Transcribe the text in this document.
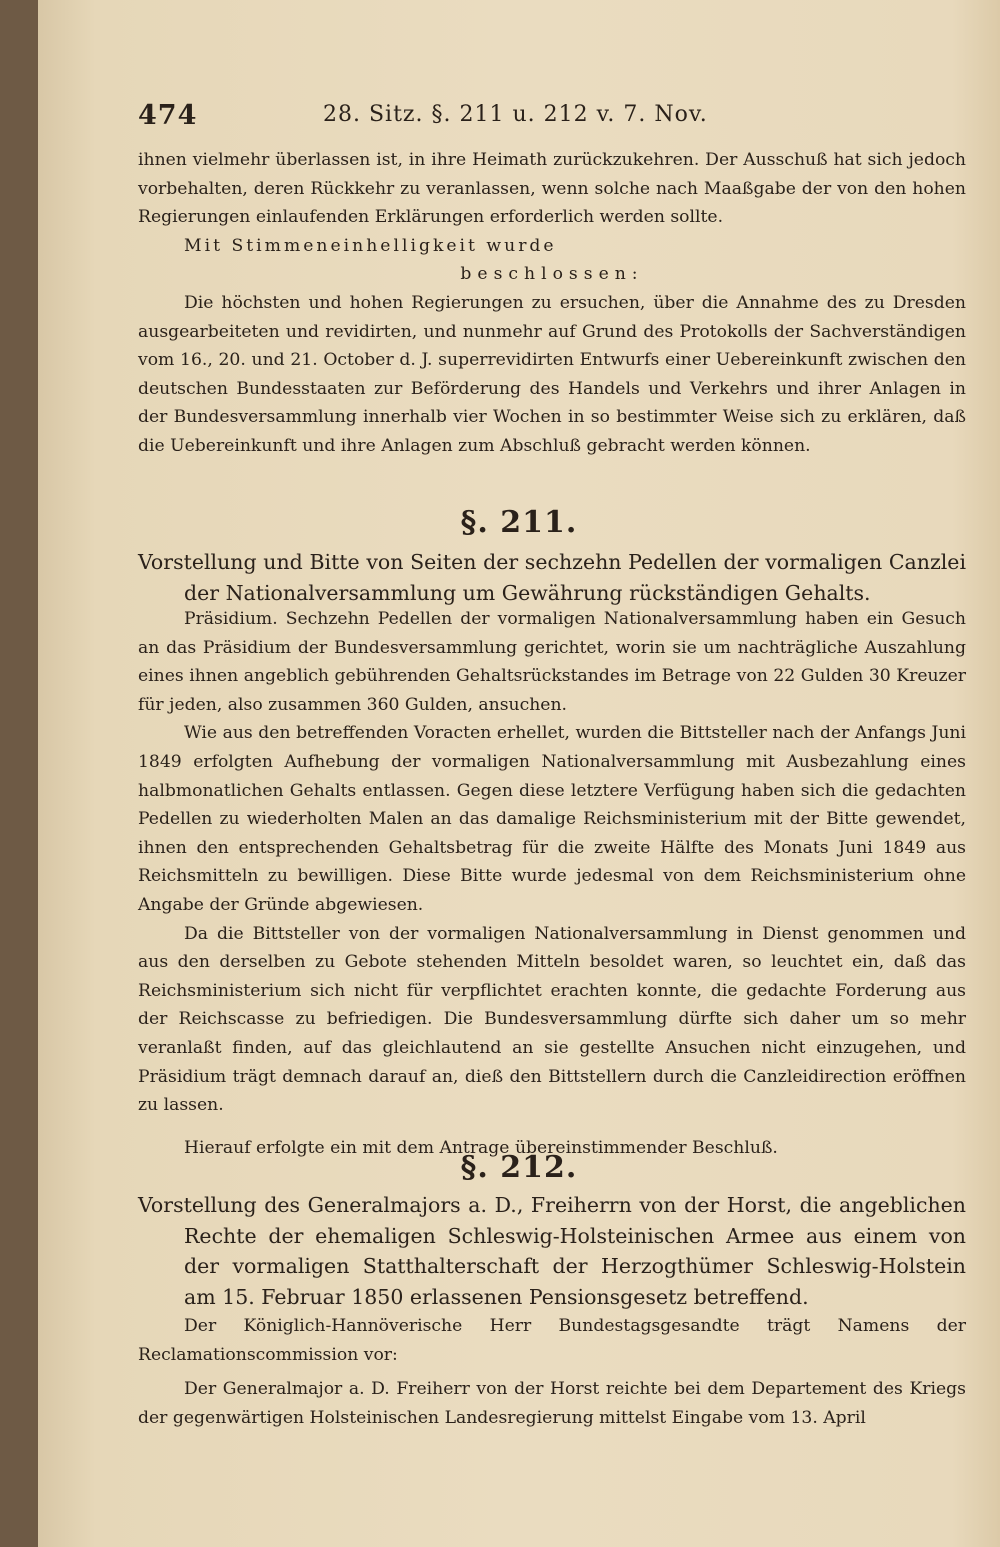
474	28. Sitz. §. 211 u. 212 v. 7. Nov.

ihnen vielmehr überlassen ist, in ihre Heimath zurückzukehren. Der Ausschuß hat sich jedoch vorbehalten, deren Rückkehr zu veranlassen, wenn solche nach Maaßgabe der von den hohen Regierungen einlaufenden Erklärungen erforderlich werden sollte.

Mit Stimmeneinhelligkeit wurde

beschlossen:

Die höchsten und hohen Regierungen zu ersuchen, über die Annahme des zu Dresden ausgearbeiteten und revidirten, und nunmehr auf Grund des Protokolls der Sachverständigen vom 16., 20. und 21. October d. J. superrevidirten Entwurfs einer Uebereinkunft zwischen den deutschen Bundesstaaten zur Beförderung des Handels und Verkehrs und ihrer Anlagen in der Bundesversammlung innerhalb vier Wochen in so bestimmter Weise sich zu erklären, daß die Uebereinkunft und ihre Anlagen zum Abschluß gebracht werden können.

§. 211.

Vorstellung und Bitte von Seiten der sechzehn Pedellen der vormaligen Canzlei der Nationalversammlung um Gewährung rückständigen Gehalts.

Präsidium. Sechzehn Pedellen der vormaligen Nationalversammlung haben ein Gesuch an das Präsidium der Bundesversammlung gerichtet, worin sie um nachträgliche Auszahlung eines ihnen angeblich gebührenden Gehaltsrückstandes im Betrage von 22 Gulden 30 Kreuzer für jeden, also zusammen 360 Gulden, ansuchen.

Wie aus den betreffenden Voracten erhellet, wurden die Bittsteller nach der Anfangs Juni 1849 erfolgten Aufhebung der vormaligen Nationalversammlung mit Ausbezahlung eines halbmonatlichen Gehalts entlassen. Gegen diese letztere Verfügung haben sich die gedachten Pedellen zu wiederholten Malen an das damalige Reichsministerium mit der Bitte gewendet, ihnen den entsprechenden Gehaltsbetrag für die zweite Hälfte des Monats Juni 1849 aus Reichsmitteln zu bewilligen. Diese Bitte wurde jedesmal von dem Reichsministerium ohne Angabe der Gründe abgewiesen.

Da die Bittsteller von der vormaligen Nationalversammlung in Dienst genommen und aus den derselben zu Gebote stehenden Mitteln besoldet waren, so leuchtet ein, daß das Reichsministerium sich nicht für verpflichtet erachten konnte, die gedachte Forderung aus der Reichscasse zu befriedigen. Die Bundesversammlung dürfte sich daher um so mehr veranlaßt finden, auf das gleichlautend an sie gestellte Ansuchen nicht einzugehen, und Präsidium trägt demnach darauf an, dieß den Bittstellern durch die Canzleidirection eröffnen zu lassen.

Hierauf erfolgte ein mit dem Antrage übereinstimmender Beschluß.

§. 212.

Vorstellung des Generalmajors a. D., Freiherrn von der Horst, die angeblichen Rechte der ehemaligen Schleswig-Holsteinischen Armee aus einem von der vormaligen Statthalterschaft der Herzogthümer Schleswig-Holstein am 15. Februar 1850 erlassenen Pensionsgesetz betreffend.

Der Königlich-Hannöverische Herr Bundestagsgesandte trägt Namens der Reclamationscommission vor:

Der Generalmajor a. D. Freiherr von der Horst reichte bei dem Departement des Kriegs der gegenwärtigen Holsteinischen Landesregierung mittelst Eingabe vom 13. April
